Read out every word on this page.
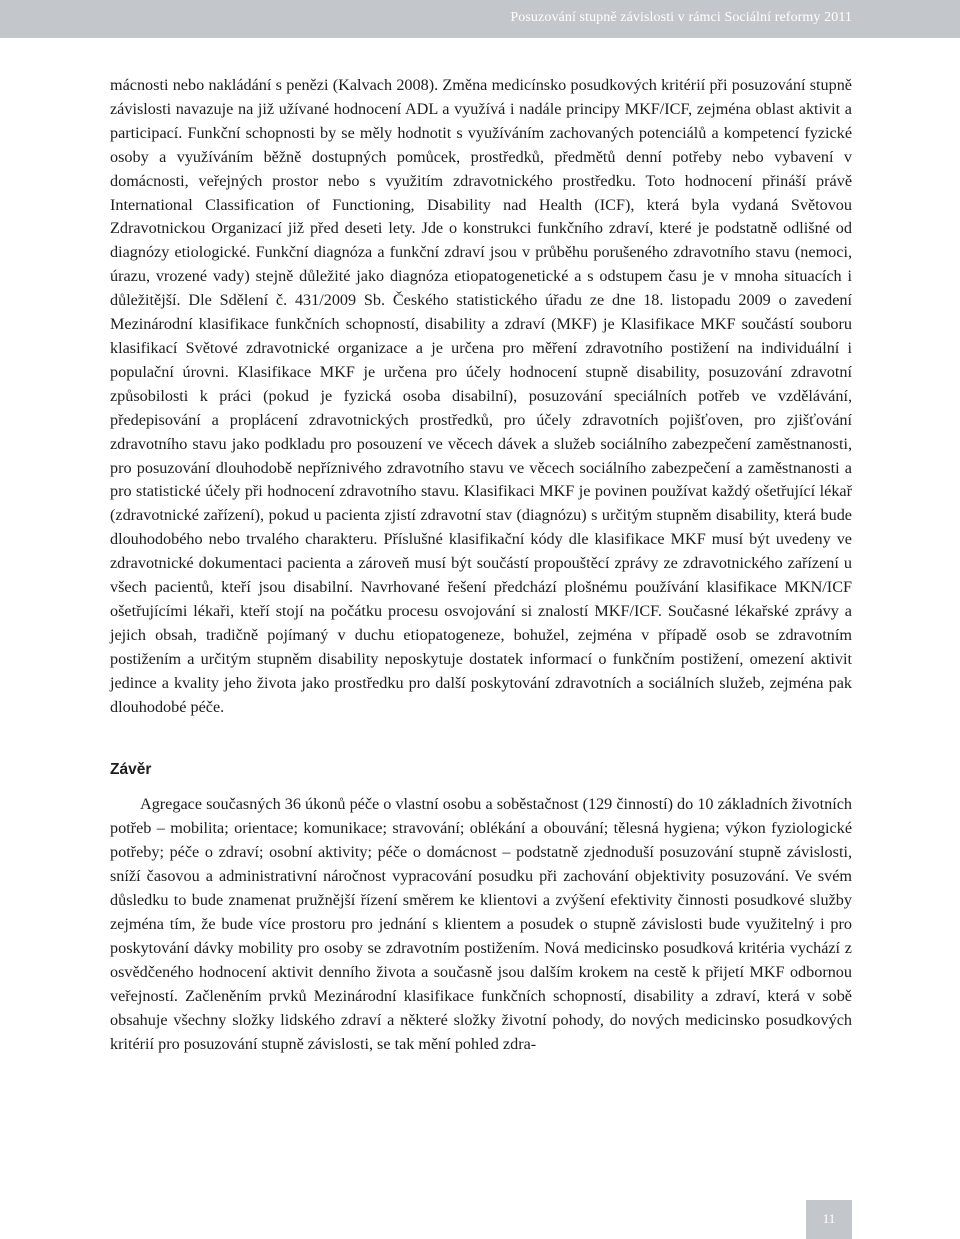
Posuzování stupně závislosti v rámci Sociální reformy 2011

mácnosti nebo nakládání s penězi (Kalvach 2008). Změna medicínsko posudkových kritérií při posuzování stupně závislosti navazuje na již užívané hodnocení ADL a využívá i nadále principy MKF/ICF, zejména oblast aktivit a participací. Funkční schopnosti by se měly hodnotit s využíváním zachovaných potenciálů a kompetencí fyzické osoby a využíváním běžně dostupných pomůcek, prostředků, předmětů denní potřeby nebo vybavení v domácnosti, veřejných prostor nebo s využitím zdravotnického prostředku. Toto hodnocení přináší právě International Classification of Functioning, Disability nad Health (ICF), která byla vydaná Světovou Zdravotnickou Organizací již před deseti lety. Jde o konstrukci funkčního zdraví, které je podstatně odlišné od diagnózy etiologické. Funkční diagnóza a funkční zdraví jsou v průběhu porušeného zdravotního stavu (nemoci, úrazu, vrozené vady) stejně důležité jako diagnóza etiopatogenetické a s odstupem času je v mnoha situacích i důležitější. Dle Sdělení č. 431/2009 Sb. Českého statistického úřadu ze dne 18. listopadu 2009 o zavedení Mezinárodní klasifikace funkčních schopností, disability a zdraví (MKF) je Klasifikace MKF součástí souboru klasifikací Světové zdravotnické organizace a je určena pro měření zdravotního postižení na individuální i populační úrovni. Klasifikace MKF je určena pro účely hodnocení stupně disability, posuzování zdravotní způsobilosti k práci (pokud je fyzická osoba disabilní), posuzování speciálních potřeb ve vzdělávání, předepisování a proplácení zdravotnických prostředků, pro účely zdravotních pojišťoven, pro zjišťování zdravotního stavu jako podkladu pro posouzení ve věcech dávek a služeb sociálního zabezpečení zaměstnanosti, pro posuzování dlouhodobě nepříznivého zdravotního stavu ve věcech sociálního zabezpečení a zaměstnanosti a pro statistické účely při hodnocení zdravotního stavu. Klasifikaci MKF je povinen používat každý ošetřující lékař (zdravotnické zařízení), pokud u pacienta zjistí zdravotní stav (diagnózu) s určitým stupněm disability, která bude dlouhodobého nebo trvalého charakteru. Příslušné klasifikační kódy dle klasifikace MKF musí být uvedeny ve zdravotnické dokumentaci pacienta a zároveň musí být součástí propouštěcí zprávy ze zdravotnického zařízení u všech pacientů, kteří jsou disabilní. Navrhované řešení předchází plošnému používání klasifikace MKN/ICF ošetřujícími lékaři, kteří stojí na počátku procesu osvojování si znalostí MKF/ICF. Současné lékařské zprávy a jejich obsah, tradičně pojímaný v duchu etiopatogeneze, bohužel, zejména v případě osob se zdravotním postižením a určitým stupněm disability neposkytuje dostatek informací o funkčním postižení, omezení aktivit jedince a kvality jeho života jako prostředku pro další poskytování zdravotních a sociálních služeb, zejména pak dlouhodobé péče.

Závěr

Agregace současných 36 úkonů péče o vlastní osobu a soběstačnost (129 činností) do 10 základních životních potřeb – mobilita; orientace; komunikace; stravování; oblékání a obouvání; tělesná hygiena; výkon fyziologické potřeby; péče o zdraví; osobní aktivity; péče o domácnost – podstatně zjednoduší posuzování stupně závislosti, sníží časovou a administrativní náročnost vypracování posudku při zachování objektivity posuzování. Ve svém důsledku to bude znamenat pružnější řízení směrem ke klientovi a zvýšení efektivity činnosti posudkové služby zejména tím, že bude více prostoru pro jednání s klientem a posudek o stupně závislosti bude využitelný i pro poskytování dávky mobility pro osoby se zdravotním postižením. Nová medicinsko posudková kritéria vychází z osvědčeného hodnocení aktivit denního života a současně jsou dalším krokem na cestě k přijetí MKF odbornou veřejností. Začleněním prvků Mezinárodní klasifikace funkčních schopností, disability a zdraví, která v sobě obsahuje všechny složky lidského zdraví a některé složky životní pohody, do nových medicinsko posudkových kritérií pro posuzování stupně závislosti, se tak mění pohled zdra-

11
